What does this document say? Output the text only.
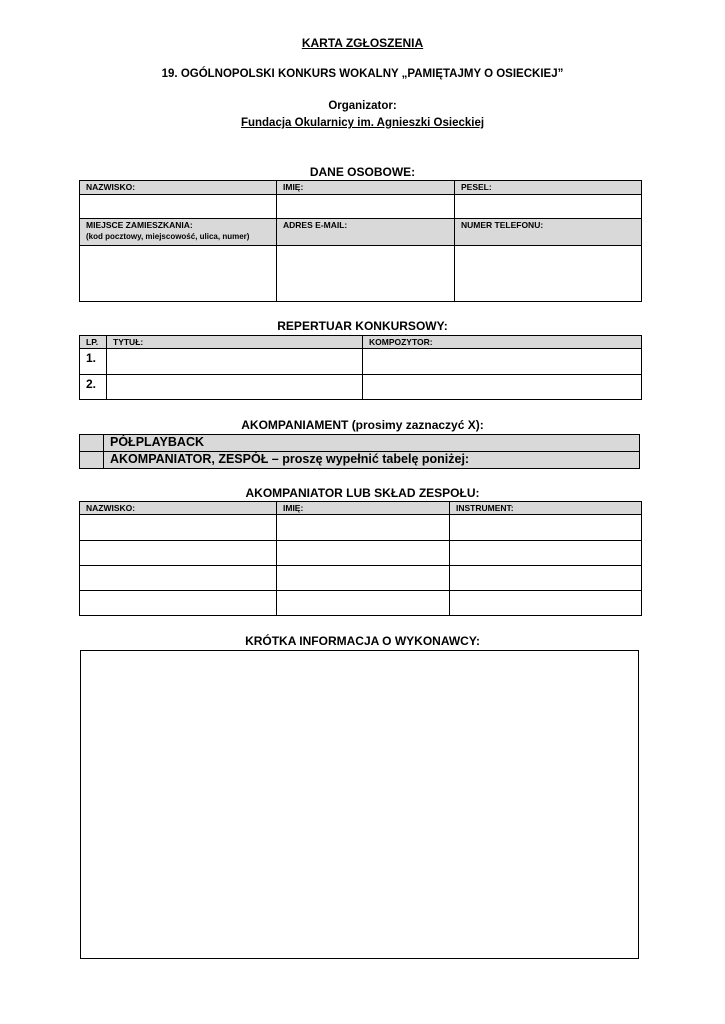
KARTA ZGŁOSZENIA
19. OGÓLNOPOLSKI KONKURS WOKALNY „PAMIĘTAJMY O OSIECKIEJ”
Organizator:
Fundacja Okularnicy im. Agnieszki Osieckiej
DANE OSOBOWE:
NAZWISKO:	IMIĘ:	PESEL:

MIEJSCE ZAMIESZKANIA:
(kod pocztowy, miejscowość, ulica, numer)	ADRES E-MAIL:	NUMER TELEFONU:

REPERTUAR KONKURSOWY:
LP.	TYTUŁ:	KOMPOZYTOR:
1.		
2.		
AKOMPANIAMENT (prosimy zaznaczyć X):
	PÓŁPLAYBACK
	AKOMPANIATOR, ZESPÓŁ – proszę wypełnić tabelę poniżej:
AKOMPANIATOR LUB SKŁAD ZESPOŁU:
NAZWISKO:	IMIĘ:	INSTRUMENT:

KRÓTKA INFORMACJA O WYKONAWCY:
